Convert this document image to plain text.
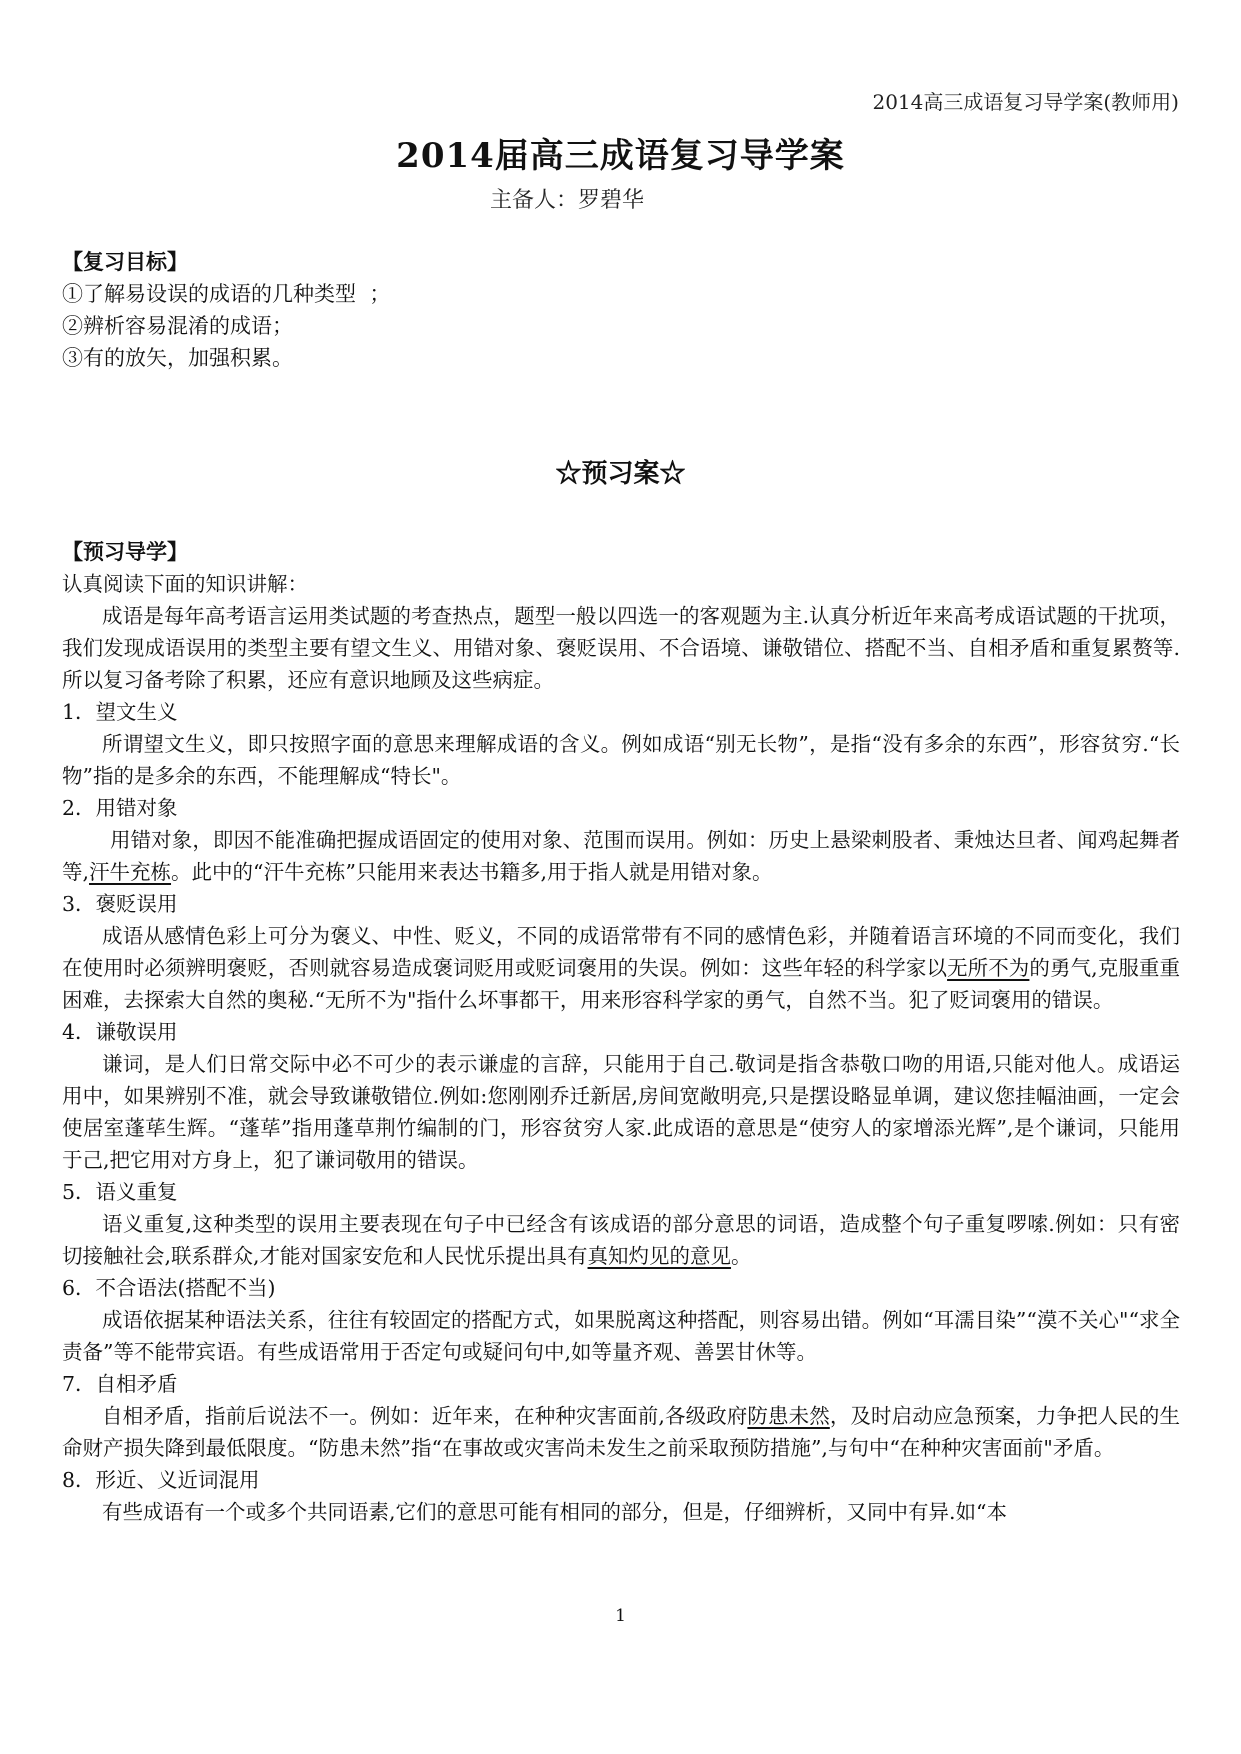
2014高三成语复习导学案(教师用)
2014届高三成语复习导学案
主备人：罗碧华
【复习目标】
①了解易设误的成语的几种类型  ；
②辨析容易混淆的成语；
③有的放矢，加强积累。
☆预习案☆

【预习导学】

认真阅读下面的知识讲解：

成语是每年高考语言运用类试题的考查热点，题型一般以四选一的客观题为主.认真分析近年来高考成语试题的干扰项，我们发现成语误用的类型主要有望文生义、用错对象、褒贬误用、不合语境、谦敬错位、搭配不当、自相矛盾和重复累赘等.所以复习备考除了积累，还应有意识地顾及这些病症。

1．望文生义

所谓望文生义，即只按照字面的意思来理解成语的含义。例如成语“别无长物”，是指“没有多余的东西”，形容贫穷.“长物”指的是多余的东西，不能理解成“特长"。

2．用错对象

用错对象，即因不能准确把握成语固定的使用对象、范围而误用。例如：历史上悬梁刺股者、秉烛达旦者、闻鸡起舞者等,汗牛充栋。此中的“汗牛充栋”只能用来表达书籍多,用于指人就是用错对象。

3．褒贬误用

成语从感情色彩上可分为褒义、中性、贬义，不同的成语常带有不同的感情色彩，并随着语言环境的不同而变化，我们在使用时必须辨明褒贬，否则就容易造成褒词贬用或贬词褒用的失误。例如：这些年轻的科学家以无所不为的勇气,克服重重困难，去探索大自然的奥秘.“无所不为"指什么坏事都干，用来形容科学家的勇气，自然不当。犯了贬词褒用的错误。

4．谦敬误用

谦词，是人们日常交际中必不可少的表示谦虚的言辞，只能用于自己.敬词是指含恭敬口吻的用语,只能对他人。成语运用中，如果辨别不准，就会导致谦敬错位.例如:您刚刚乔迁新居,房间宽敞明亮,只是摆设略显单调，建议您挂幅油画，一定会使居室蓬荜生辉。“蓬荜”指用蓬草荆竹编制的门，形容贫穷人家.此成语的意思是“使穷人的家增添光辉”,是个谦词，只能用于己,把它用对方身上，犯了谦词敬用的错误。

5．语义重复

语义重复,这种类型的误用主要表现在句子中已经含有该成语的部分意思的词语，造成整个句子重复啰嗦.例如：只有密切接触社会,联系群众,才能对国家安危和人民忧乐提出具有真知灼见的意见。

6．不合语法(搭配不当)

成语依据某种语法关系，往往有较固定的搭配方式，如果脱离这种搭配，则容易出错。例如“耳濡目染”“漠不关心"“求全责备”等不能带宾语。有些成语常用于否定句或疑问句中,如等量齐观、善罢甘休等。

7．自相矛盾

自相矛盾，指前后说法不一。例如：近年来，在种种灾害面前,各级政府防患未然，及时启动应急预案，力争把人民的生命财产损失降到最低限度。“防患未然”指“在事故或灾害尚未发生之前采取预防措施”,与句中“在种种灾害面前"矛盾。

8．形近、义近词混用

有些成语有一个或多个共同语素,它们的意思可能有相同的部分，但是，仔细辨析，又同中有异.如“本

1
